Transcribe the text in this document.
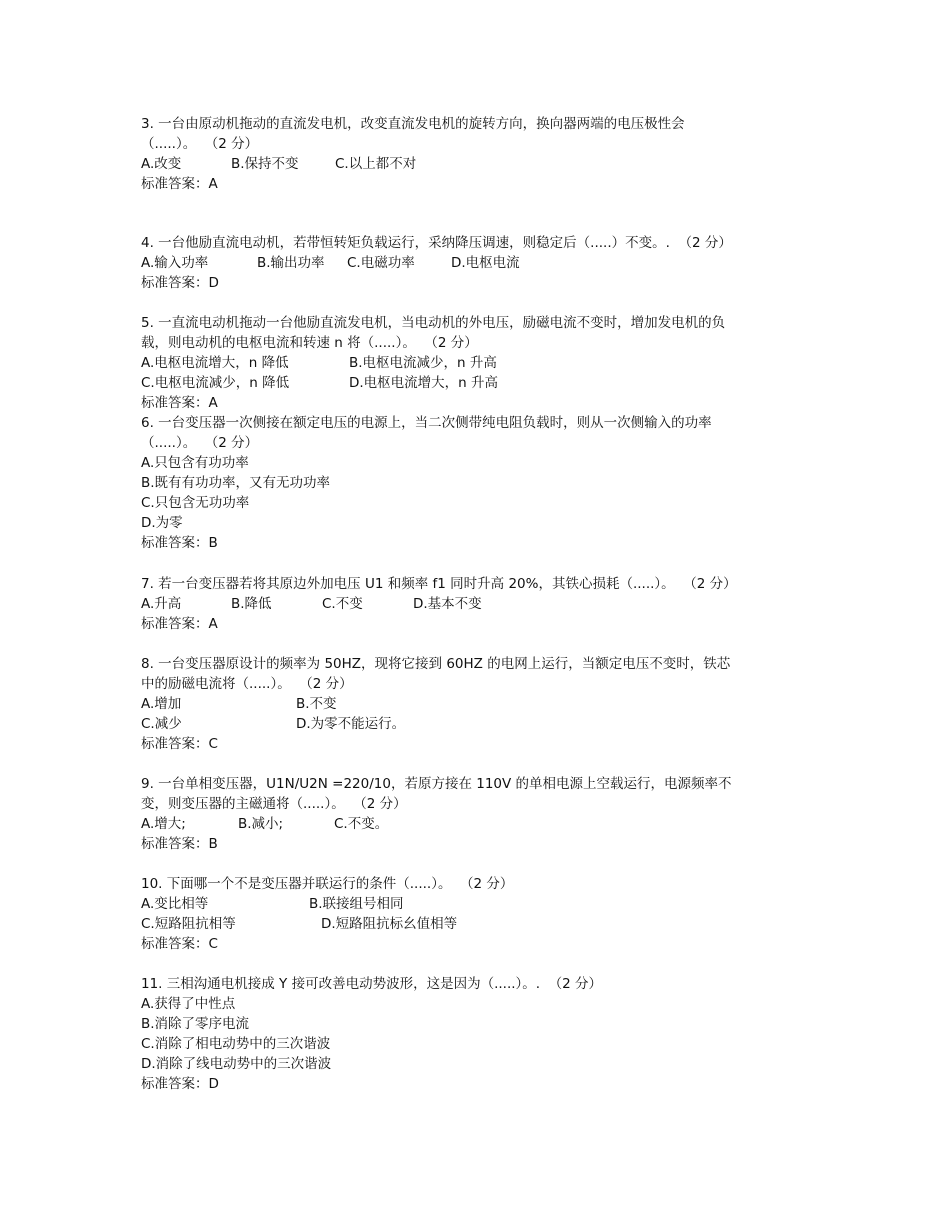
3. 一台由原动机拖动的直流发电机，改变直流发电机的旋转方向，换向器两端的电压极性会
（.....）。  （2 分）
A.改变	B.保持不变	C.以上都不对
标准答案：A
4. 一台他励直流电动机，若带恒转矩负载运行，采纳降压调速，则稳定后（.....）不变。.  （2 分）
A.输入功率	B.输出功率 C.电磁功率	D.电枢电流
标准答案：D
5. 一直流电动机拖动一台他励直流发电机，当电动机的外电压，励磁电流不变时，增加发电机的负
载，则电动机的电枢电流和转速 n 将（.....）。  （2 分）
A.电枢电流增大，n 降低	B.电枢电流减少，n 升高
C.电枢电流减少，n 降低	D.电枢电流增大，n 升高
标准答案：A
6. 一台变压器一次侧接在额定电压的电源上，当二次侧带纯电阻负载时，则从一次侧输入的功率
（.....）。  （2 分）
A.只包含有功功率
B.既有有功功率，又有无功功率
C.只包含无功功率
D.为零
标准答案：B
7. 若一台变压器若将其原边外加电压 U1 和频率 f1 同时升高 20%，其铁心损耗（.....）。  （2 分）
A.升高	B.降低	C.不变	D.基本不变
标准答案：A
8. 一台变压器原设计的频率为 50HZ，现将它接到 60HZ 的电网上运行，当额定电压不变时，铁芯
中的励磁电流将（.....）。  （2 分）
A.增加	B.不变
C.减少	D.为零不能运行。
标准答案：C
9. 一台单相变压器，U1N/U2N =220/10，若原方接在 110V 的单相电源上空载运行，电源频率不
变，则变压器的主磁通将（.....）。  （2 分）
A.增大;	B.减小;	C.不变。
标准答案：B
10. 下面哪一个不是变压器并联运行的条件（.....）。  （2 分）
A.变比相等	B.联接组号相同
C.短路阻抗相等	D.短路阻抗标幺值相等
标准答案：C
11. 三相沟通电机接成 Y 接可改善电动势波形，这是因为（.....）。.  （2 分）
A.获得了中性点
B.消除了零序电流
C.消除了相电动势中的三次谐波
D.消除了线电动势中的三次谐波
标准答案：D
